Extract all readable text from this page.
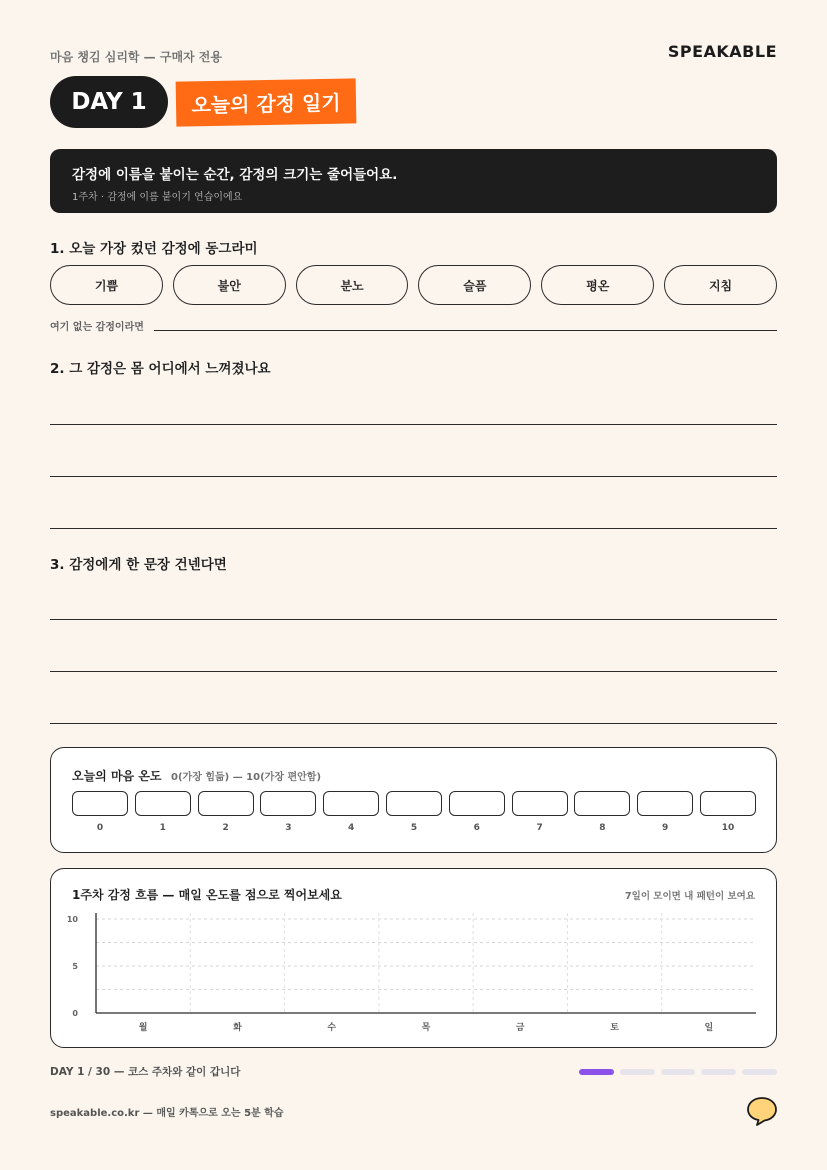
마음 챙김 심리학 — 구매자 전용	SPEAKABLE
DAY 1	오늘의 감정 일기
감정에 이름을 붙이는 순간, 감정의 크기는 줄어들어요.
1주차 · 감정에 이름 붙이기 연습이에요
1. 오늘 가장 컸던 감정에 동그라미
기쁨	불안	분노	슬픔	평온	지침
여기 없는 감정이라면
2. 그 감정은 몸 어디에서 느껴졌나요
3. 감정에게 한 문장 건넨다면
오늘의 마음 온도 0(가장 힘듦) — 10(가장 편안함)
0	1	2	3	4	5	6	7	8	9	10
1주차 감정 흐름 — 매일 온도를 점으로 찍어보세요	7일이 모이면 내 패턴이 보여요
10
5
0
월	화	수	목	금	토	일
DAY 1 / 30 — 코스 주차와 같이 갑니다
speakable.co.kr — 매일 카톡으로 오는 5분 학습
